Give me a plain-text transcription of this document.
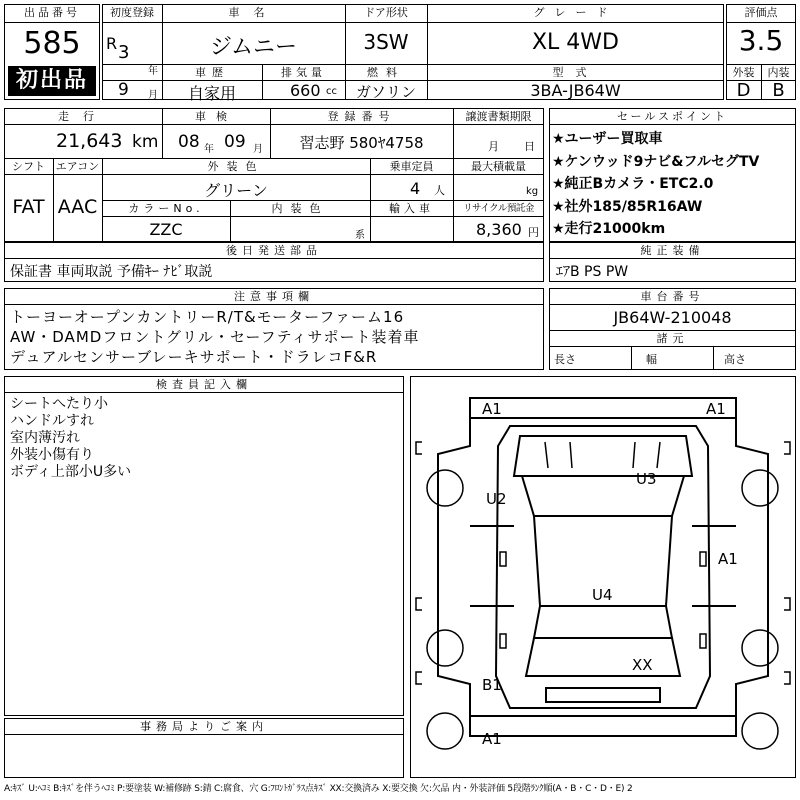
出品番号
585
初出品
初度登録
R 3
年
9 月
車名
ジムニー
ドア形状
3SW
グレード
XL 4WD
車歴
自家用
排気量
660 cc
燃料
ガソリン
型式
3BA-JB64W
評価点
3.5
外装	内装
D	B
走行
21,643 km
車検
08 年 09 月
登録番号
習志野 580ﾔ4758
譲渡書類期限
月 日
シフト
FAT
エアコン
AAC
外装色
グリーン
乗車定員
4 人
最大積載量
kg
カラーNo.
ZZC
内装色
系
輸入車	リサイクル預託金
8,360 円
セールスポイント
★ユーザー買取車
★ケンウッド9ナビ&フルセグTV
★純正Bカメラ・ETC2.0
★社外185/85R16AW
★走行21000km
後日発送部品
保証書 車両取説 予備ｷｰ ﾅﾋﾞ取説
純正装備
ｴｱB PS PW
注意事項欄
トーヨーオープンカントリーR/T&モーターファーム16
AW・DAMDフロントグリル・セーフティサポート装着車
デュアルセンサーブレーキサポート・ドラレコF&R
車台番号
JB64W-210048
諸元
長さ	幅	高さ
検査員記入欄
シートへたり小
ハンドルすれ
室内薄汚れ
外装小傷有り
ボディ上部小U多い
事務局よりご案内
A1	A1
U3
U2
A1
U4
XX
B1
A1
A:ｷｽﾞ U:ﾍｺﾐ B:ｷｽﾞを伴うﾍｺﾐ P:要塗装 W:補修跡 S:錆 C:腐食、穴 G:ﾌﾛﾝﾄｶﾞﾗｽ点ｷｽﾞ XX:交換済み X:要交換 欠:欠品 内・外装評価 5段階ﾗﾝｸ順(A・B・C・D・E) 2
